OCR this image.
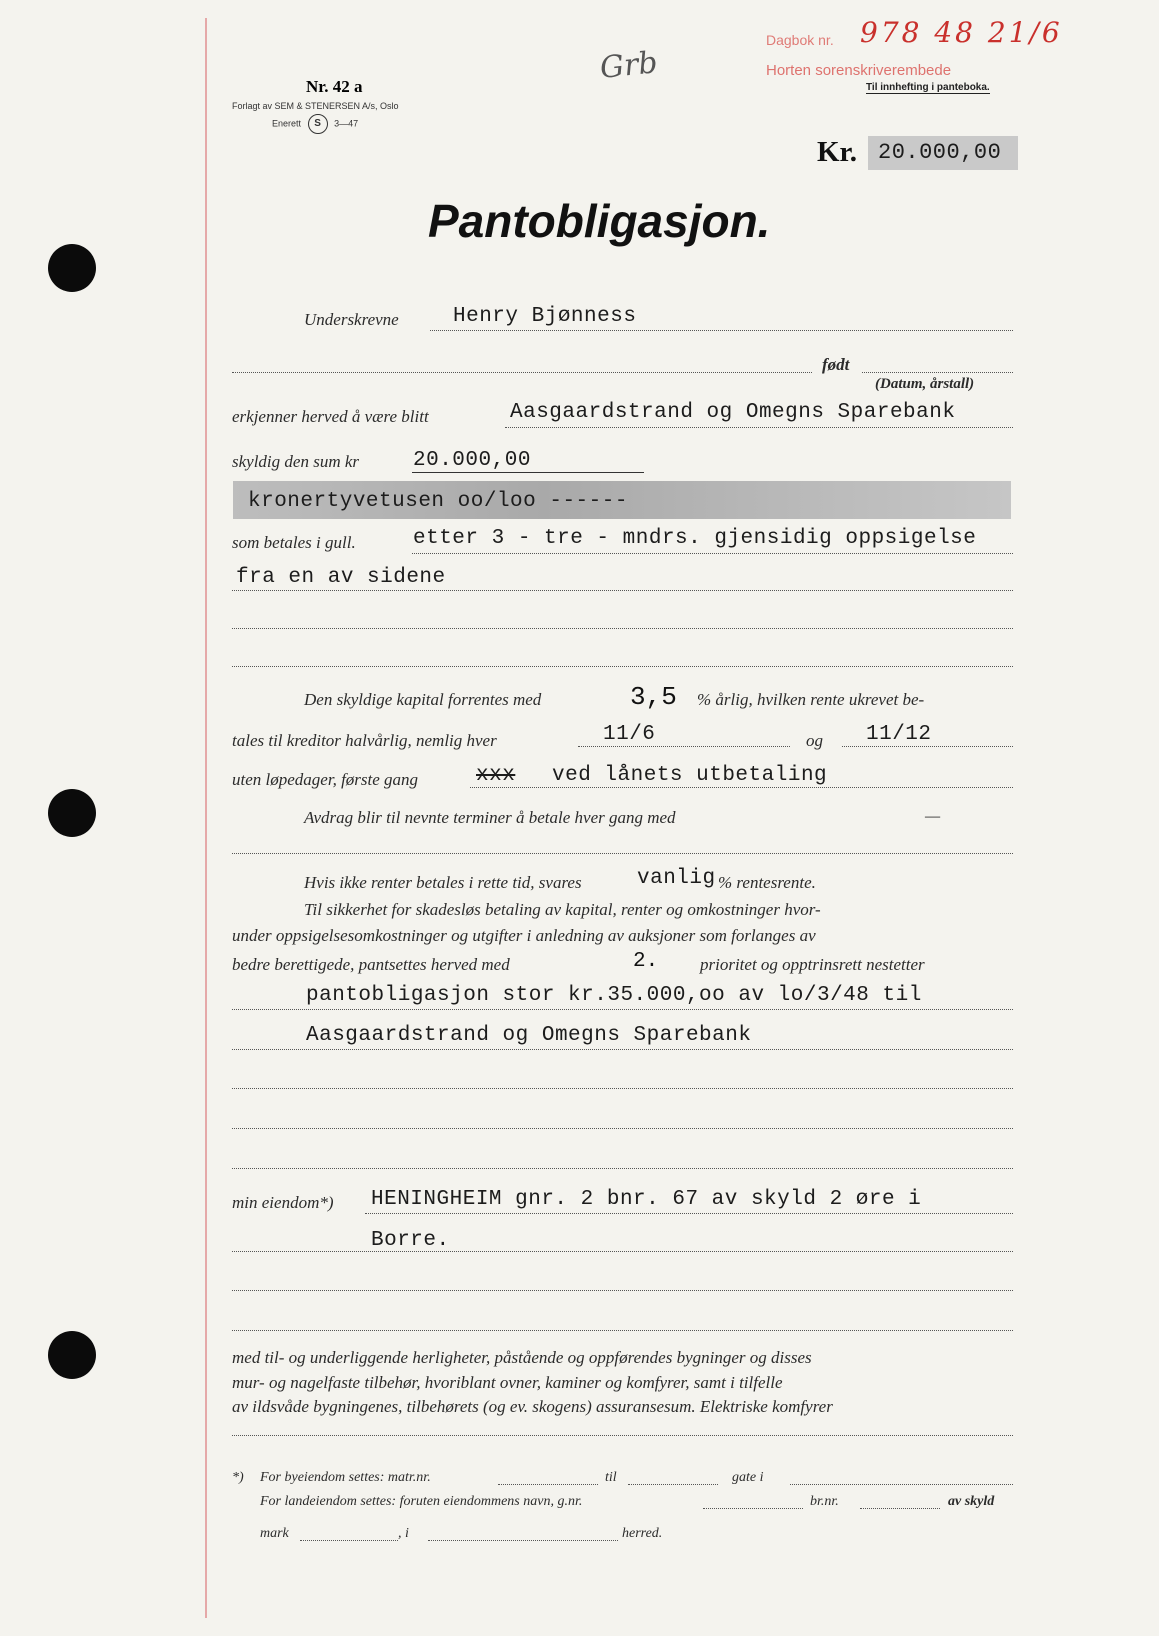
Nr. 42 a
Forlagt av SEM & STENERSEN A/s, Oslo
Enerett S 3—47
Grb
Dagbok nr. 978 48 21/6
Horten sorenskriverembede
Til innhefting i pantebоka.
Kr. 20.000,00
Pantobligasjon.
Underskrevne	Henry Bjønness
født
(Datum, årstall)
erkjenner herved å være blitt	Aasgaardstrand og Omegns Sparebank
skyldig den sum kr	20.000,00
kronertyvetusen oo/loo ------
som betales i gull.	etter 3 - tre - mndrs. gjensidig oppsigelse
fra en av sidene
Den skyldige kapital forrentes med	3,5 % årlig, hvilken rente ukrevet be-
tales til kreditor halvårlig, nemlig hver	11/6	og 11/12
uten løpedager, første gang	xxx ved lånets utbetaling
Avdrag blir til nevnte terminer å betale hver gang med	—
Hvis ikke renter betales i rette tid, svares	vanlig % rentesrente.
Til sikkerhet for skadesløs betaling av kapital, renter og omkostninger hvor-
under oppsigelsesomkostninger og utgifter i anledning av auksjoner som forlanges av
bedre berettigede, pantsettes herved med	2. prioritet og opptrinsrett nestetter
pantobligasjon stor kr.35.000,oo av lo/3/48 til
Aasgaardstrand og Omegns Sparebank
min eiendom*) HENINGHEIM gnr. 2 bnr. 67 av skyld 2 øre i
Borre.
med til- og underliggende herligheter, påstående og oppførendes bygninger og disses
mur- og nagelfaste tilbehør, hvoriblant ovner, kaminer og komfyrer, samt i tilfelle
av ildsvåde bygningenes, tilbehørets (og ev. skogens) assuransesum. Elektriske komfyrer
*) For byeiendom settes: matr.nr.	til	gate i
For landeiendom settes: foruten eiendommens navn, g.nr.	br.nr.	av skyld
mark	, i	herred.
